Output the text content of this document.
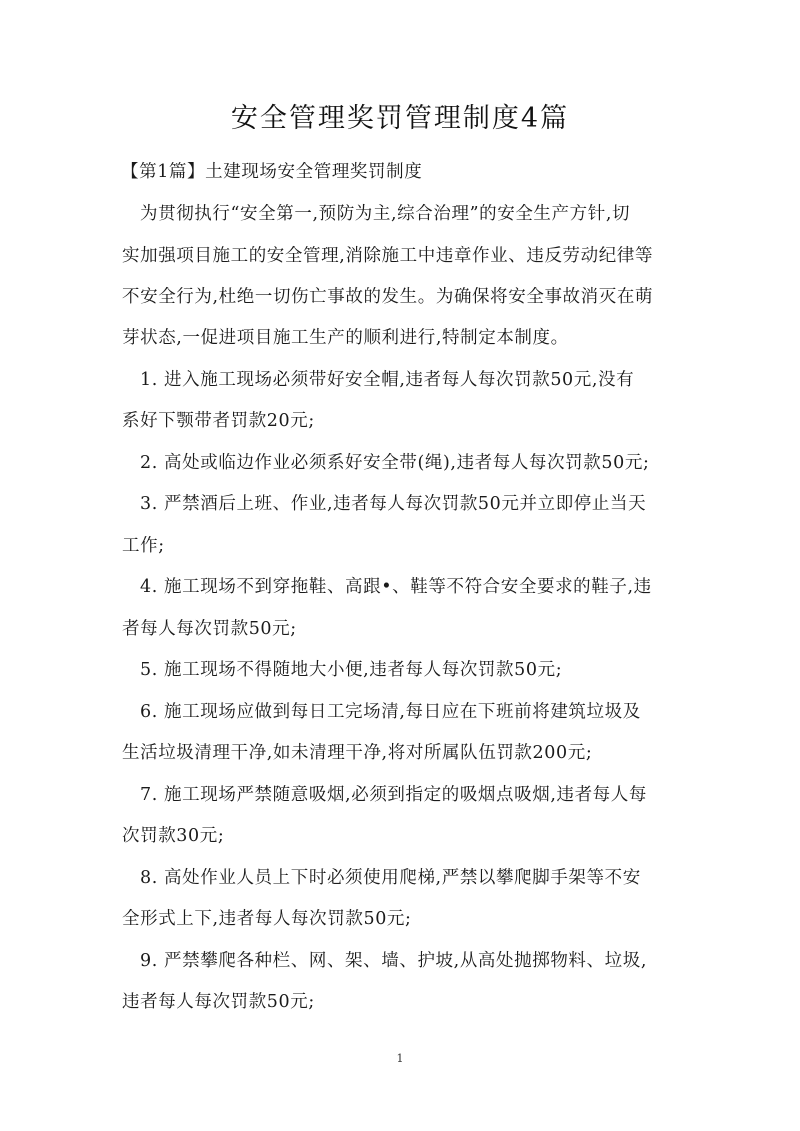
安全管理奖罚管理制度4篇
【第1篇】土建现场安全管理奖罚制度
为贯彻执行“安全第一,预防为主,综合治理”的安全生产方针,切
实加强项目施工的安全管理,消除施工中违章作业、违反劳动纪律等
不安全行为,杜绝一切伤亡事故的发生。为确保将安全事故消灭在萌
芽状态,一促进项目施工生产的顺利进行,特制定本制度。
1. 进入施工现场必须带好安全帽,违者每人每次罚款50元,没有
系好下颚带者罚款20元;
2. 高处或临边作业必须系好安全带(绳),违者每人每次罚款50元;
3. 严禁酒后上班、作业,违者每人每次罚款50元并立即停止当天
工作;
4. 施工现场不到穿拖鞋、高跟•、鞋等不符合安全要求的鞋子,违
者每人每次罚款50元;
5. 施工现场不得随地大小便,违者每人每次罚款50元;
6. 施工现场应做到每日工完场清,每日应在下班前将建筑垃圾及
生活垃圾清理干净,如未清理干净,将对所属队伍罚款200元;
7. 施工现场严禁随意吸烟,必须到指定的吸烟点吸烟,违者每人每
次罚款30元;
8. 高处作业人员上下时必须使用爬梯,严禁以攀爬脚手架等不安
全形式上下,违者每人每次罚款50元;
9. 严禁攀爬各种栏、网、架、墙、护坡,从高处抛掷物料、垃圾,
违者每人每次罚款50元;
1
